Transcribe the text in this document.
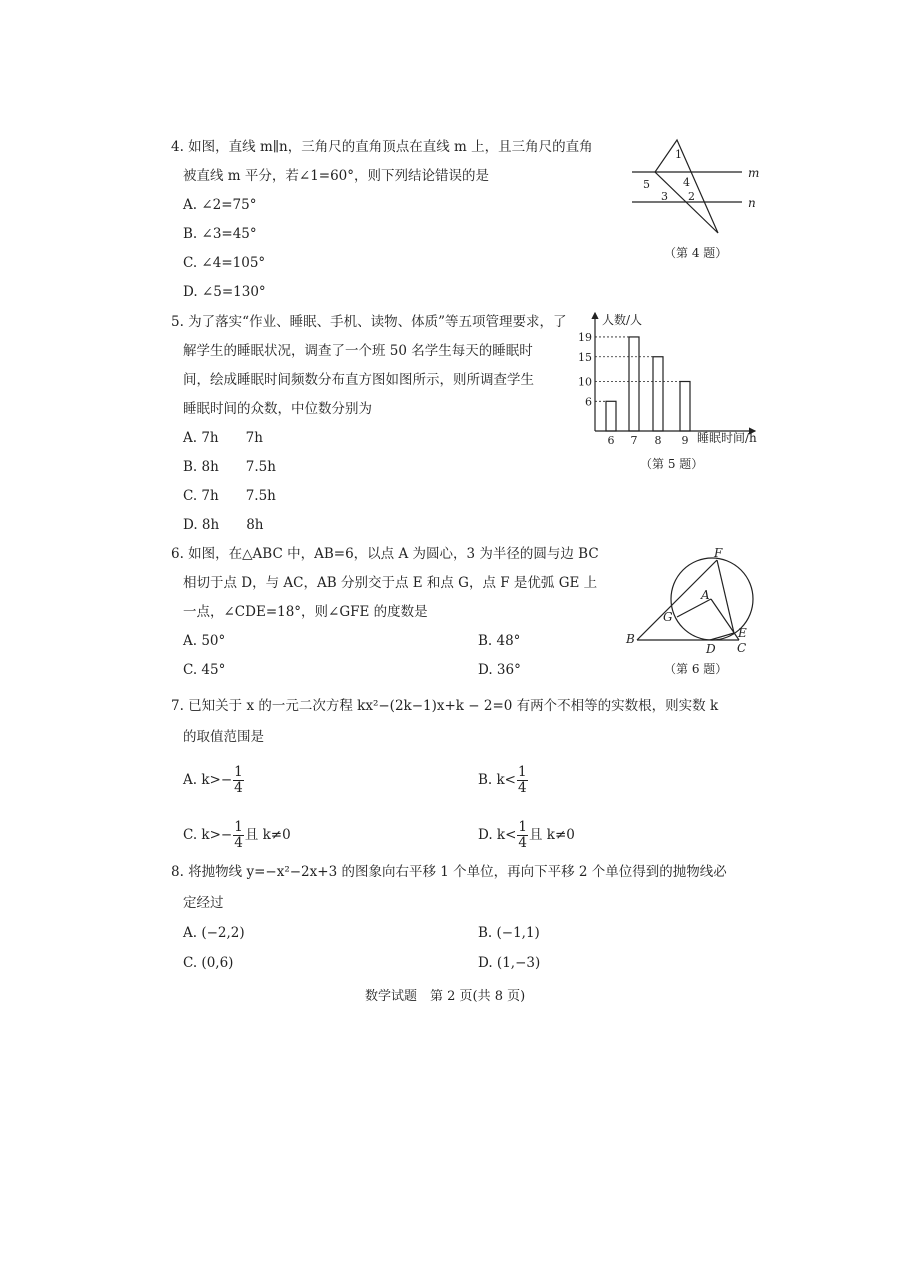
4. 如图，直线 m∥n，三角尺的直角顶点在直线 m 上，且三角尺的直角
被直线 m 平分，若∠1=60°，则下列结论错误的是
A. ∠2=75°
B. ∠3=45°
C. ∠4=105°
D. ∠5=130°
m
n
1
4
5
3 2
（第 4 题）
5. 为了落实“作业、睡眠、手机、读物、体质”等五项管理要求，了
解学生的睡眠状况，调查了一个班 50 名学生每天的睡眠时
间，绘成睡眠时间频数分布直方图如图所示，则所调查学生
睡眠时间的众数，中位数分别为
A. 7h　　7h
B. 8h　　7.5h
C. 7h　　7.5h
D. 8h　　8h
6 7 8 9
6
10
15
19
人数/人
睡眠时间/h
（第 5 题）
6. 如图，在△ABC 中，AB=6，以点 A 为圆心，3 为半径的圆与边 BC
相切于点 D，与 AC，AB 分别交于点 E 和点 G，点 F 是优弧 GE 上
一点，∠CDE=18°，则∠GFE 的度数是
A. 50°	B. 48°
C. 45°	D. 36°
F
A
G
B
D
E
C
（第 6 题）
7. 已知关于 x 的一元二次方程 kx²−(2k−1)x+k − 2=0 有两个不相等的实数根，则实数 k
的取值范围是
A. $k>- \frac{1}{4}$	B. $k< \frac{1}{4}$
C. $k>- \frac{1}{4}$ 且 k≠0	D. $k< \frac{1}{4}$ 且 k≠0
8. 将抛物线 y=−x²−2x+3 的图象向右平移 1 个单位，再向下平移 2 个单位得到的抛物线必
定经过
A. (−2,2)	B. (−1,1)
C. (0,6)	D. (1,−3)
数学试题　第 2 页(共 8 页)
